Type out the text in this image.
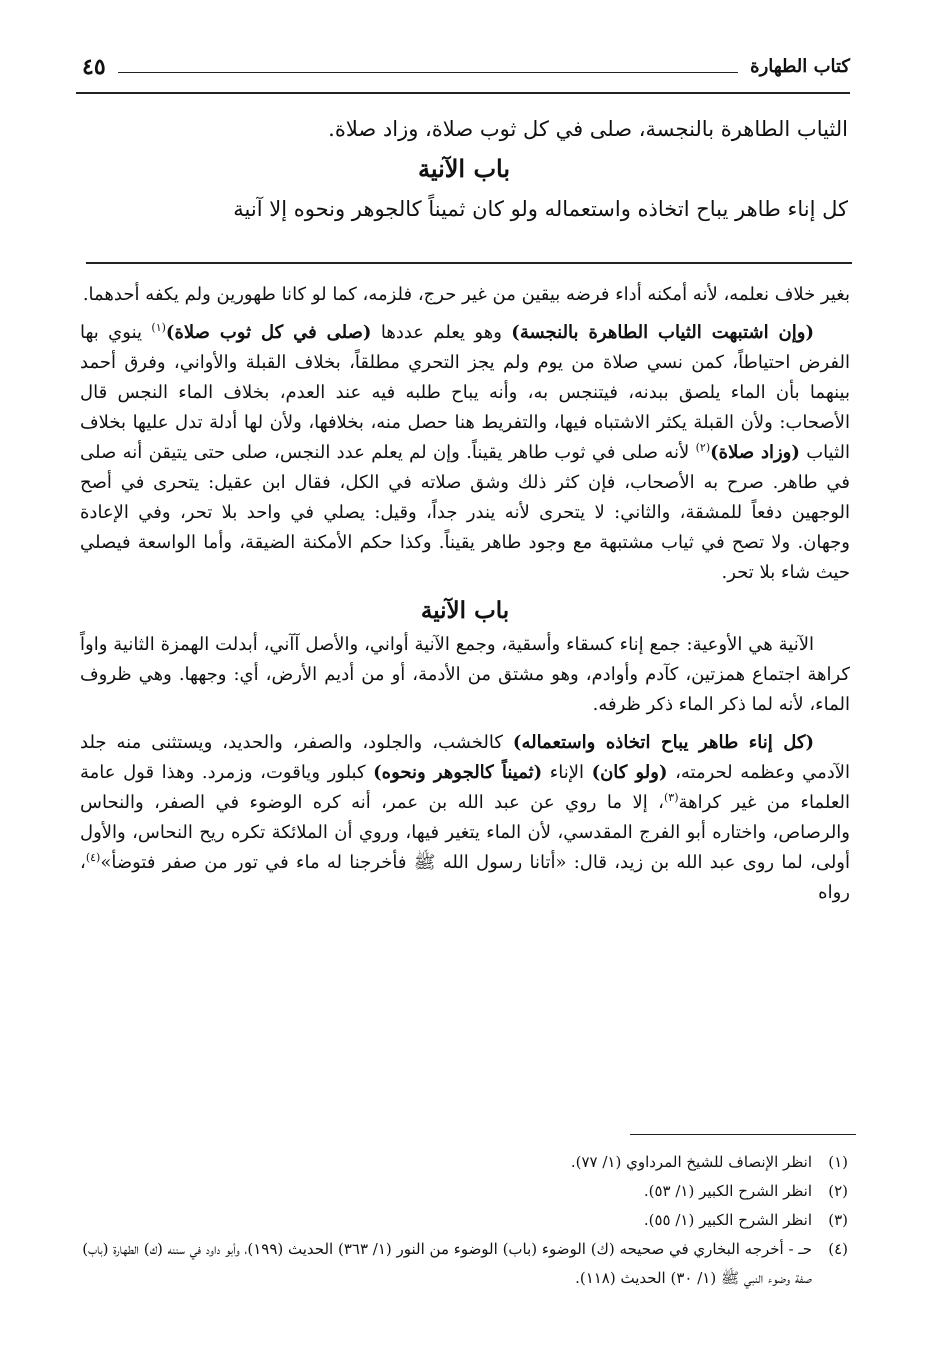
كتاب الطهارة
٤٥

الثياب الطاهرة بالنجسة، صلى في كل ثوب صلاة، وزاد صلاة.

باب الآنية

كل إناء طاهر يباح اتخاذه واستعماله ولو كان ثميناً كالجوهر ونحوه إلا آنية

بغير خلاف نعلمه، لأنه أمكنه أداء فرضه بيقين من غير حرج، فلزمه، كما لو كانا طهورين ولم يكفه أحدهما.

(وإن اشتبهت الثياب الطاهرة بالنجسة) وهو يعلم عددها (صلى في كل ثوب صلاة)$^{(١)}$ ينوي بها الفرض احتياطاً، كمن نسي صلاة من يوم ولم يجز التحري مطلقاً، بخلاف القبلة والأواني، وفرق أحمد بينهما بأن الماء يلصق ببدنه، فيتنجس به، وأنه يباح طلبه فيه عند العدم، بخلاف الماء النجس قال الأصحاب: ولأن القبلة يكثر الاشتباه فيها، والتفريط هنا حصل منه، بخلافها، ولأن لها أدلة تدل عليها بخلاف الثياب (وزاد صلاة)$^{(٢)}$ لأنه صلى في ثوب طاهر يقيناً. وإن لم يعلم عدد النجس، صلى حتى يتيقن أنه صلى في طاهر. صرح به الأصحاب، فإن كثر ذلك وشق صلاته في الكل، فقال ابن عقيل: يتحرى في أصح الوجهين دفعاً للمشقة، والثاني: لا يتحرى لأنه يندر جداً، وقيل: يصلي في واحد بلا تحر، وفي الإعادة وجهان. ولا تصح في ثياب مشتبهة مع وجود طاهر يقيناً. وكذا حكم الأمكنة الضيقة، وأما الواسعة فيصلي حيث شاء بلا تحر.

باب الآنية

الآنية هي الأوعية: جمع إناء كسقاء وأسقية، وجمع الآنية أواني، والأصل آآني، أبدلت الهمزة الثانية واواً كراهة اجتماع همزتين، كآدم وأوادم، وهو مشتق من الأدمة، أو من أديم الأرض، أي: وجهها. وهي ظروف الماء، لأنه لما ذكر الماء ذكر ظرفه.

(كل إناء طاهر يباح اتخاذه واستعماله) كالخشب، والجلود، والصفر، والحديد، ويستثنى منه جلد الآدمي وعظمه لحرمته، (ولو كان) الإناء (ثميناً كالجوهر ونحوه) كبلور وياقوت، وزمرد. وهذا قول عامة العلماء من غير كراهة$^{(٣)}$، إلا ما روي عن عبد الله بن عمر، أنه كره الوضوء في الصفر، والنحاس والرصاص، واختاره أبو الفرج المقدسي، لأن الماء يتغير فيها، وروي أن الملائكة تكره ريح النحاس، والأول أولى، لما روى عبد الله بن زيد، قال: «أتانا رسول الله ﷺ فأخرجنا له ماء في تور من صفر فتوضأ»$^{(٤)}$، رواه

(١)
انظر الإنصاف للشيخ المرداوي (١/ ٧٧).
(٢)
انظر الشرح الكبير (١/ ٥٣).
(٣)
انظر الشرح الكبير (١/ ٥٥).
(٤)
حـ - أخرجه البخاري في صحيحه (ك) الوضوء (باب) الوضوء من النور (١/ ٣٦٣) الحديث (١٩٩)، وأبو داود في سننه (ك) الطهارة (باب) صفة وضوء النبي ﷺ (١/ ٣٠) الحديث (١١٨).
